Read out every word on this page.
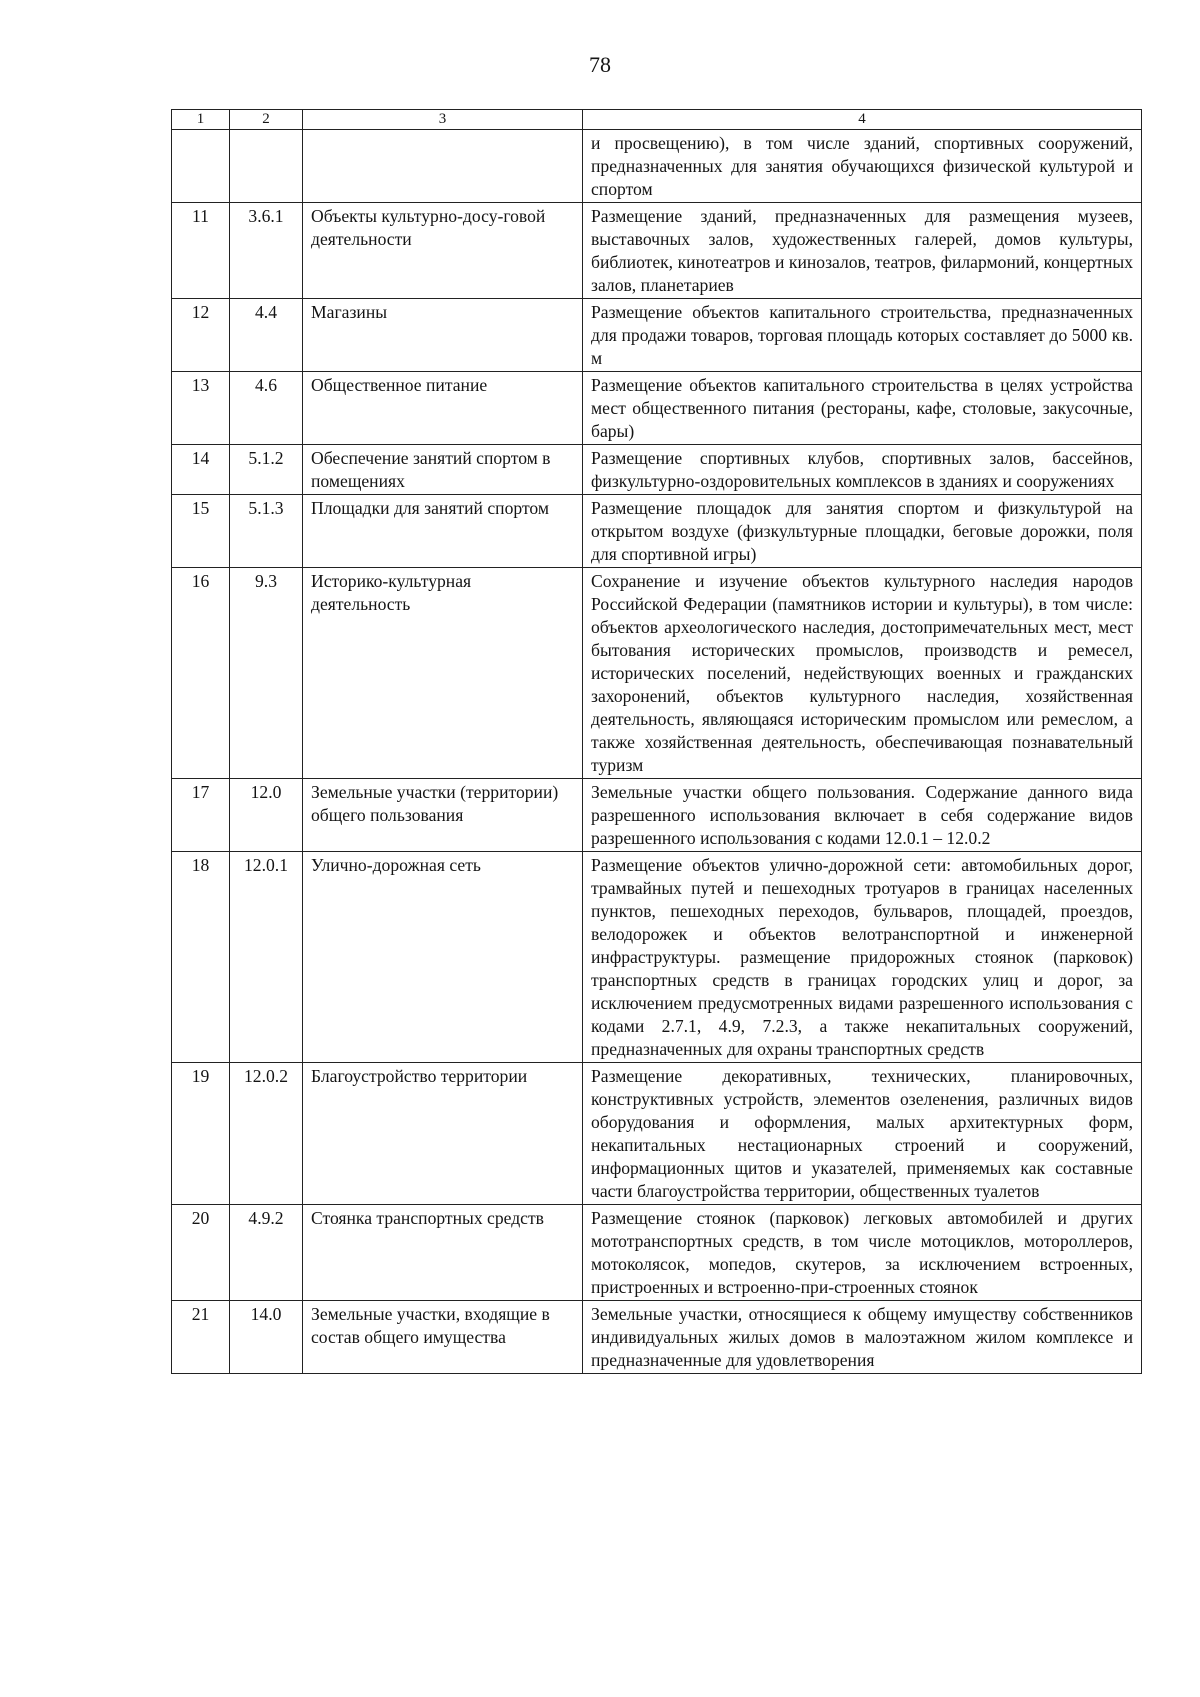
78
1	2	3	4
			и просвещению), в том числе зданий, спортивных сооружений, предназначенных для занятия обучающихся физической культурой и спортом
11	3.6.1	Объекты культурно-досу-говой деятельности	Размещение зданий, предназначенных для размещения музеев, выставочных залов, художественных галерей, домов культуры, библиотек, кинотеатров и кинозалов, театров, филармоний, концертных залов, планетариев
12	4.4	Магазины	Размещение объектов капитального строительства, предназначенных для продажи товаров, торговая площадь которых составляет до 5000 кв. м
13	4.6	Общественное питание	Размещение объектов капитального строительства в целях устройства мест общественного питания (рестораны, кафе, столовые, закусочные, бары)
14	5.1.2	Обеспечение занятий спортом в помещениях	Размещение спортивных клубов, спортивных залов, бассейнов, физкультурно-оздоровительных комплексов в зданиях и сооружениях
15	5.1.3	Площадки для занятий спортом	Размещение площадок для занятия спортом и физкультурой на открытом воздухе (физкультурные площадки, беговые дорожки, поля для спортивной игры)
16	9.3	Историко-культурная деятельность	Сохранение и изучение объектов культурного наследия народов Российской Федерации (памятников истории и культуры), в том числе: объектов археологического наследия, достопримечательных мест, мест бытования исторических промыслов, производств и ремесел, исторических поселений, недействующих военных и гражданских захоронений, объектов культурного наследия, хозяйственная деятельность, являющаяся историческим промыслом или ремеслом, а также хозяйственная деятельность, обеспечивающая познавательный туризм
17	12.0	Земельные участки (территории) общего пользования	Земельные участки общего пользования. Содержание данного вида разрешенного использования включает в себя содержание видов разрешенного использования с кодами 12.0.1 – 12.0.2
18	12.0.1	Улично-дорожная сеть	Размещение объектов улично-дорожной сети: автомобильных дорог, трамвайных путей и пешеходных тротуаров в границах населенных пунктов, пешеходных переходов, бульваров, площадей, проездов, велодорожек и объектов велотранспортной и инженерной инфраструктуры. размещение придорожных стоянок (парковок) транспортных средств в границах городских улиц и дорог, за исключением предусмотренных видами разрешенного использования с кодами 2.7.1, 4.9, 7.2.3, а также некапитальных сооружений, предназначенных для охраны транспортных средств
19	12.0.2	Благоустройство территории	Размещение декоративных, технических, планировочных, конструктивных устройств, элементов озеленения, различных видов оборудования и оформления, малых архитектурных форм, некапитальных нестационарных строений и сооружений, информационных щитов и указателей, применяемых как составные части благоустройства территории, общественных туалетов
20	4.9.2	Стоянка транспортных средств	Размещение стоянок (парковок) легковых автомобилей и других мототранспортных средств, в том числе мотоциклов, мотороллеров, мотоколясок, мопедов, скутеров, за исключением встроенных, пристроенных и встроенно-при-строенных стоянок
21	14.0	Земельные участки, входящие в состав общего имущества	Земельные участки, относящиеся к общему имуществу собственников индивидуальных жилых домов в малоэтажном жилом комплексе и предназначенные для удовлетворения
